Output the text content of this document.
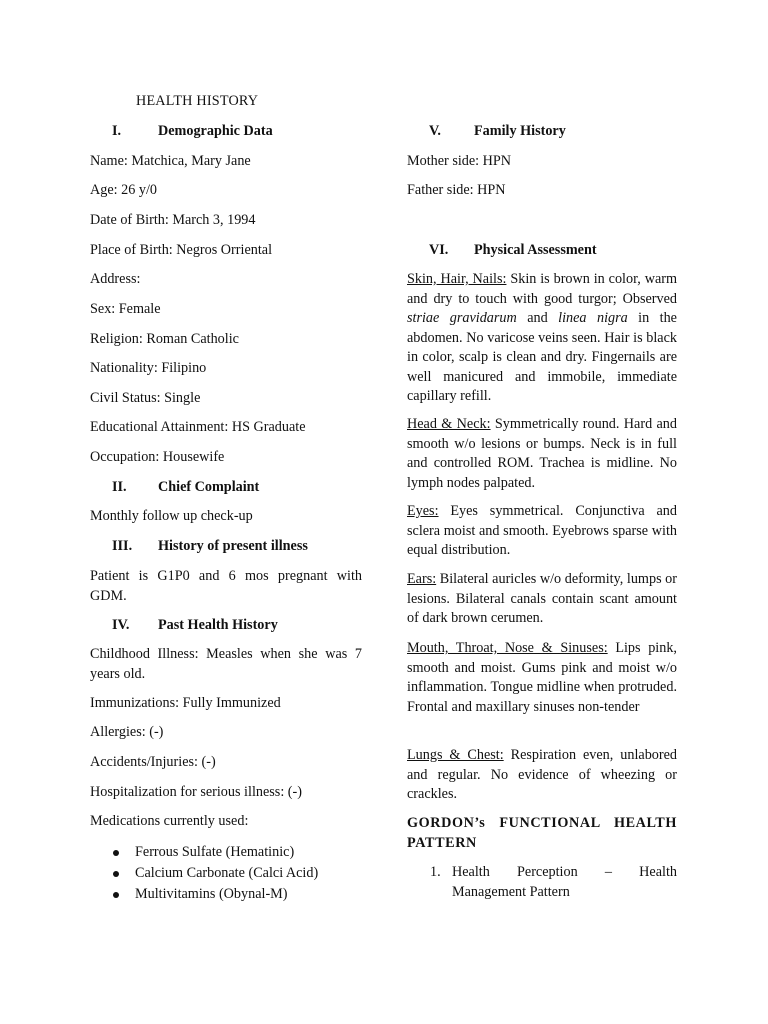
HEALTH HISTORY
I.	Demographic Data
Name: Matchica, Mary Jane
Age: 26 y/0
Date of Birth: March 3, 1994
Place of Birth: Negros Orriental
Address:
Sex: Female
Religion: Roman Catholic
Nationality: Filipino
Civil Status: Single
Educational Attainment: HS Graduate
Occupation: Housewife
II. Chief Complaint
Monthly follow up check-up
III. History of present illness
Patient is G1P0 and 6 mos pregnant with GDM.
IV. Past Health History
Childhood Illness: Measles when she was 7 years old.
Immunizations: Fully Immunized
Allergies: (-)
Accidents/Injuries: (-)
Hospitalization for serious illness: (-)
Medications currently used:
Ferrous Sulfate (Hematinic)
Calcium Carbonate (Calci Acid)
Multivitamins (Obynal-M)
V. Family History
Mother side: HPN
Father side: HPN
VI. Physical Assessment
Skin, Hair, Nails: Skin is brown in color, warm and dry to touch with good turgor; Observed striae gravidarum and linea nigra in the abdomen. No varicose veins seen. Hair is black in color, scalp is clean and dry. Fingernails are well manicured and immobile, immediate capillary refill.
Head & Neck: Symmetrically round. Hard and smooth w/o lesions or bumps. Neck is in full and controlled ROM. Trachea is midline. No lymph nodes palpated.
Eyes: Eyes symmetrical. Conjunctiva and sclera moist and smooth. Eyebrows sparse with equal distribution.
Ears: Bilateral auricles w/o deformity, lumps or lesions. Bilateral canals contain scant amount of dark brown cerumen.
Mouth, Throat, Nose & Sinuses: Lips pink, smooth and moist. Gums pink and moist w/o inflammation. Tongue midline when protruded. Frontal and maxillary sinuses non-tender
Lungs & Chest: Respiration even, unlabored and regular. No evidence of wheezing or crackles.
GORDON’s FUNCTIONAL HEALTH PATTERN
1. Health Perception – Health Management Pattern
